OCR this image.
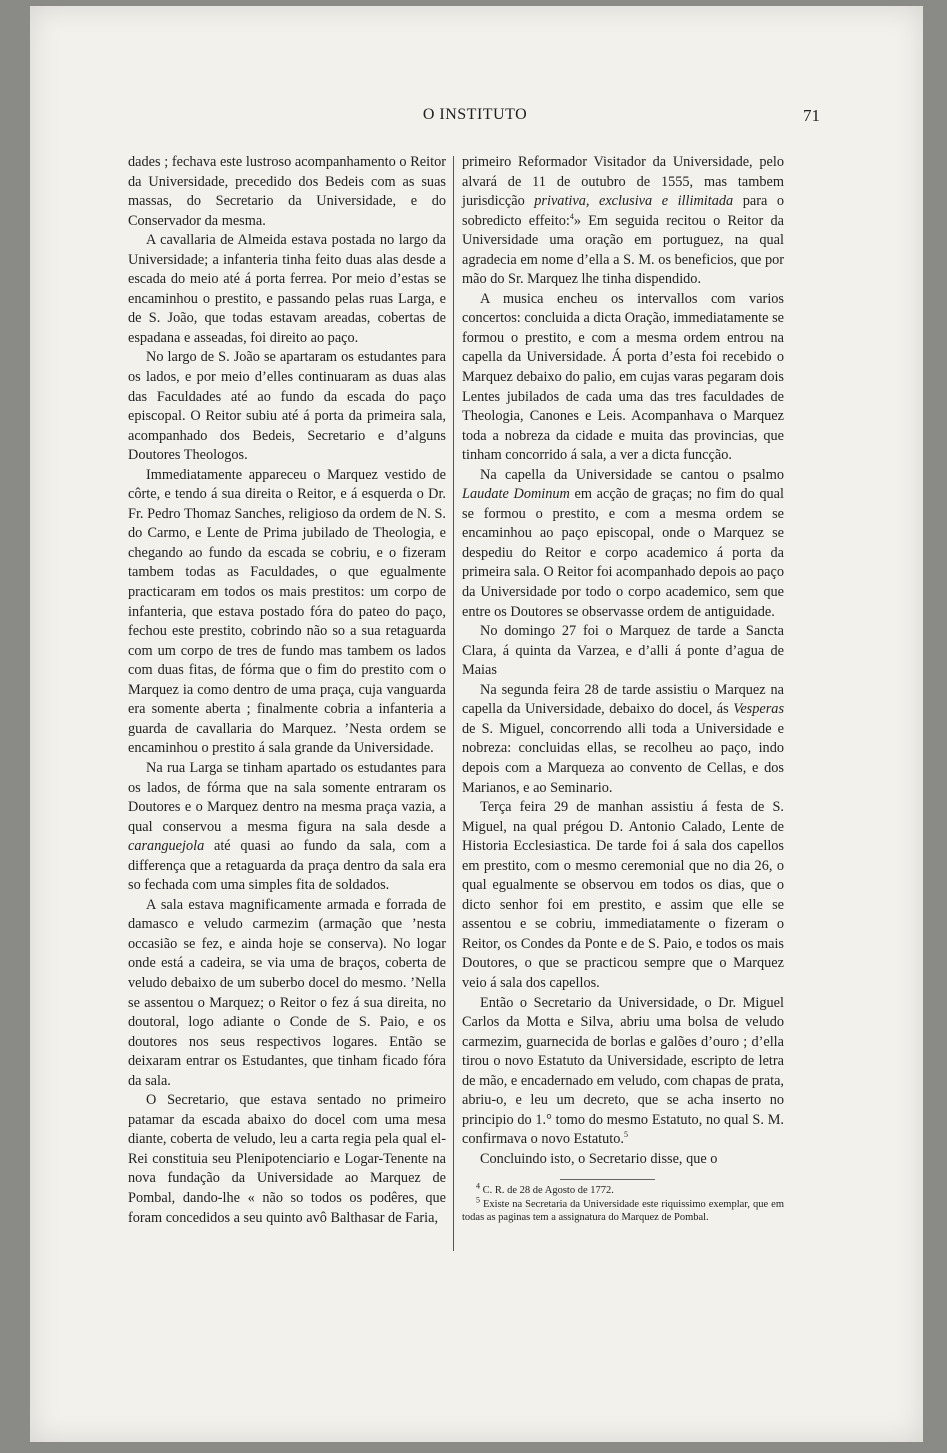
O INSTITUTO	71

dades ; fechava este lustroso acompanhamento o Reitor da Universidade, precedido dos Bedeis com as suas massas, do Secretario da Universidade, e do Conservador da mesma.

A cavallaria de Almeida estava postada no largo da Universidade; a infanteria tinha feito duas alas desde a escada do meio até á porta ferrea. Por meio d’estas se encaminhou o prestito, e passando pelas ruas Larga, e de S. João, que todas estavam areadas, cobertas de espadana e asseadas, foi direito ao paço.

No largo de S. João se apartaram os estudantes para os lados, e por meio d’elles continuaram as duas alas das Faculdades até ao fundo da escada do paço episcopal. O Reitor subiu até á porta da primeira sala, acompanhado dos Bedeis, Secretario e d’alguns Doutores Theologos.

Immediatamente appareceu o Marquez vestido de côrte, e tendo á sua direita o Reitor, e á esquerda o Dr. Fr. Pedro Thomaz Sanches, religioso da ordem de N. S. do Carmo, e Lente de Prima jubilado de Theologia, e chegando ao fundo da escada se cobriu, e o fizeram tambem todas as Faculdades, o que egualmente practicaram em todos os mais prestitos: um corpo de infanteria, que estava postado fóra do pateo do paço, fechou este prestito, cobrindo não so a sua retaguarda com um corpo de tres de fundo mas tambem os lados com duas fitas, de fórma que o fim do prestito com o Marquez ia como dentro de uma praça, cuja vanguarda era somente aberta ; finalmente cobria a infanteria a guarda de cavallaria do Marquez. ’Nesta ordem se encaminhou o prestito á sala grande da Universidade.

Na rua Larga se tinham apartado os estudantes para os lados, de fórma que na sala somente entraram os Doutores e o Marquez dentro na mesma praça vazia, a qual conservou a mesma figura na sala desde a caranguejola até quasi ao fundo da sala, com a differença que a retaguarda da praça dentro da sala era so fechada com uma simples fita de soldados.

A sala estava magnificamente armada e forrada de damasco e veludo carmezim (armação que ’nesta occasião se fez, e ainda hoje se conserva). No logar onde está a cadeira, se via uma de braços, coberta de veludo debaixo de um suberbo docel do mesmo. ’Nella se assentou o Marquez; o Reitor o fez á sua direita, no doutoral, logo adiante o Conde de S. Paio, e os doutores nos seus respectivos logares. Então se deixaram entrar os Estudantes, que tinham ficado fóra da sala.

O Secretario, que estava sentado no primeiro patamar da escada abaixo do docel com uma mesa diante, coberta de veludo, leu a carta regia pela qual el-Rei constituia seu Plenipotenciario e Logar-Tenente na nova fundação da Universidade ao Marquez de Pombal, dando-lhe « não so todos os podêres, que foram concedidos a seu quinto avô Balthasar de Faria,

primeiro Reformador Visitador da Universidade, pelo alvará de 11 de outubro de 1555, mas tambem jurisdicção privativa, exclusiva e illimitada para o sobredicto effeito:$^4$» Em seguida recitou o Reitor da Universidade uma oração em portuguez, na qual agradecia em nome d’ella a S. M. os beneficios, que por mão do Sr. Marquez lhe tinha dispendido.

A musica encheu os intervallos com varios concertos: concluida a dicta Oração, immediatamente se formou o prestito, e com a mesma ordem entrou na capella da Universidade. Á porta d’esta foi recebido o Marquez debaixo do palio, em cujas varas pegaram dois Lentes jubilados de cada uma das tres faculdades de Theologia, Canones e Leis. Acompanhava o Marquez toda a nobreza da cidade e muita das provincias, que tinham concorrido á sala, a ver a dicta funcção.

Na capella da Universidade se cantou o psalmo Laudate Dominum em acção de graças; no fim do qual se formou o prestito, e com a mesma ordem se encaminhou ao paço episcopal, onde o Marquez se despediu do Reitor e corpo academico á porta da primeira sala. O Reitor foi acompanhado depois ao paço da Universidade por todo o corpo academico, sem que entre os Doutores se observasse ordem de antiguidade.

No domingo 27 foi o Marquez de tarde a Sancta Clara, á quinta da Varzea, e d’alli á ponte d’agua de Maias

Na segunda feira 28 de tarde assistiu o Marquez na capella da Universidade, debaixo do docel, ás Vesperas de S. Miguel, concorrendo alli toda a Universidade e nobreza: concluidas ellas, se recolheu ao paço, indo depois com a Marqueza ao convento de Cellas, e dos Marianos, e ao Seminario.

Terça feira 29 de manhan assistiu á festa de S. Miguel, na qual prégou D. Antonio Calado, Lente de Historia Ecclesiastica. De tarde foi á sala dos capellos em prestito, com o mesmo ceremonial que no dia 26, o qual egualmente se observou em todos os dias, que o dicto senhor foi em prestito, e assim que elle se assentou e se cobriu, immediatamente o fizeram o Reitor, os Condes da Ponte e de S. Paio, e todos os mais Doutores, o que se practicou sempre que o Marquez veio á sala dos capellos.

Então o Secretario da Universidade, o Dr. Miguel Carlos da Motta e Silva, abriu uma bolsa de veludo carmezim, guarnecida de borlas e galões d’ouro ; d’ella tirou o novo Estatuto da Universidade, escripto de letra de mão, e encadernado em veludo, com chapas de prata, abriu-o, e leu um decreto, que se acha inserto no principio do 1.° tomo do mesmo Estatuto, no qual S. M. confirmava o novo Estatuto.$^5$

Concluindo isto, o Secretario disse, que o

$^4$ C. R. de 28 de Agosto de 1772.

$^5$ Existe na Secretaria da Universidade este riquissimo exemplar, que em todas as paginas tem a assignatura do Marquez de Pombal.
